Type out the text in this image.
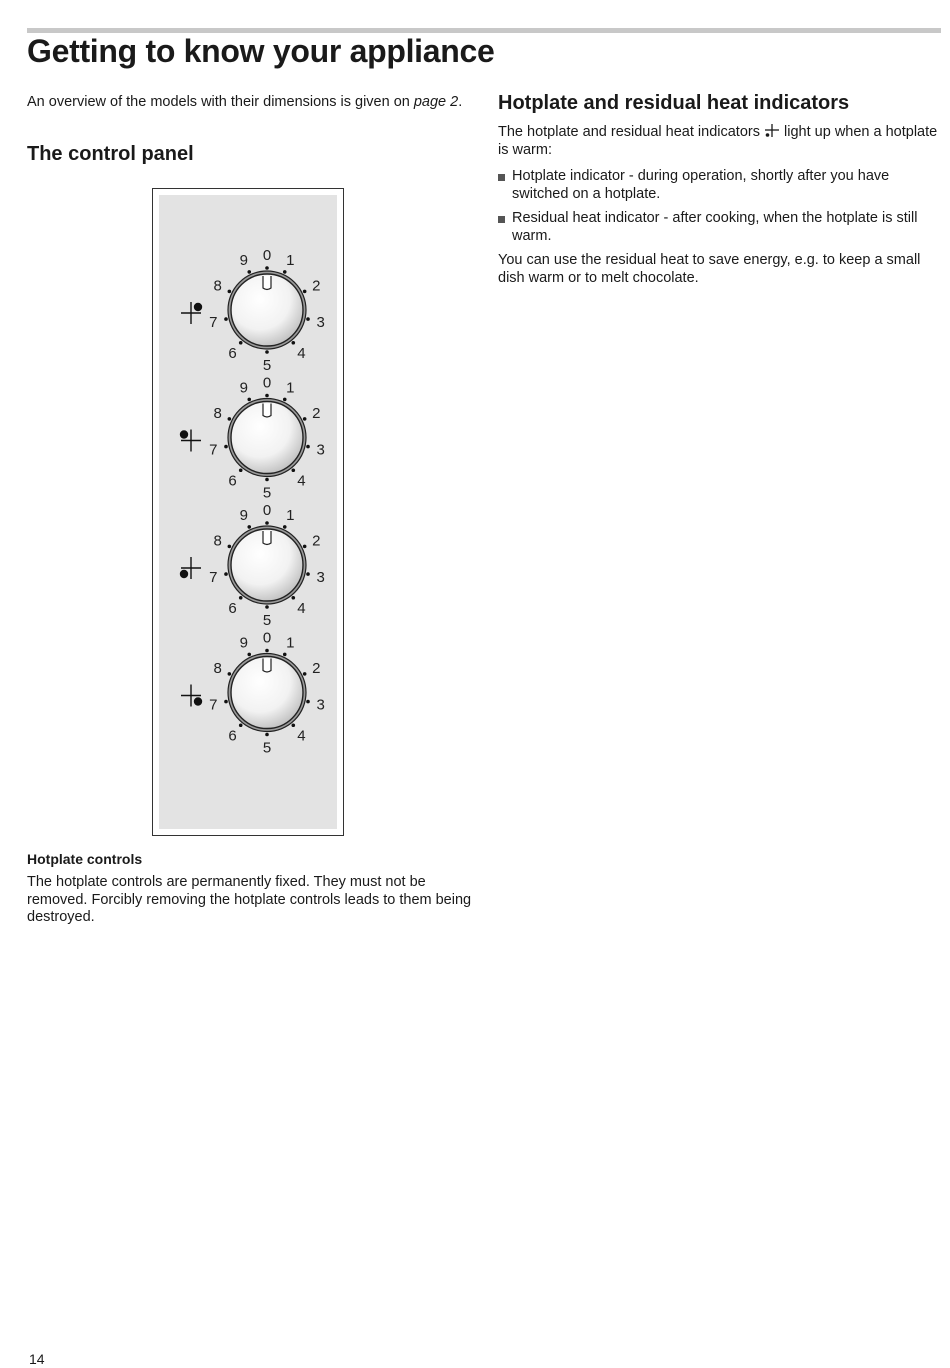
Getting to know your appliance

An overview of the models with their dimensions is given on page 2.

The control panel
0 1
2
3
4
5
6
7
8
9
0 1
2
3
4
5
6
7
8
9
0 1
2
3
4
5
6
7
8
9
0 1
2
3
4
5
6
7
8
9

Hotplate controls

The hotplate controls are permanently fixed. They must not be removed. Forcibly removing the hotplate controls leads to them being destroyed.

Hotplate and residual heat indicators

The hotplate and residual heat indicators  light up when a hotplate is warm:

Hotplate indicator - during operation, shortly after you have switched on a hotplate.
Residual heat indicator - after cooking, when the hotplate is still warm.

You can use the residual heat to save energy, e.g. to keep a small dish warm or to melt chocolate.

14
